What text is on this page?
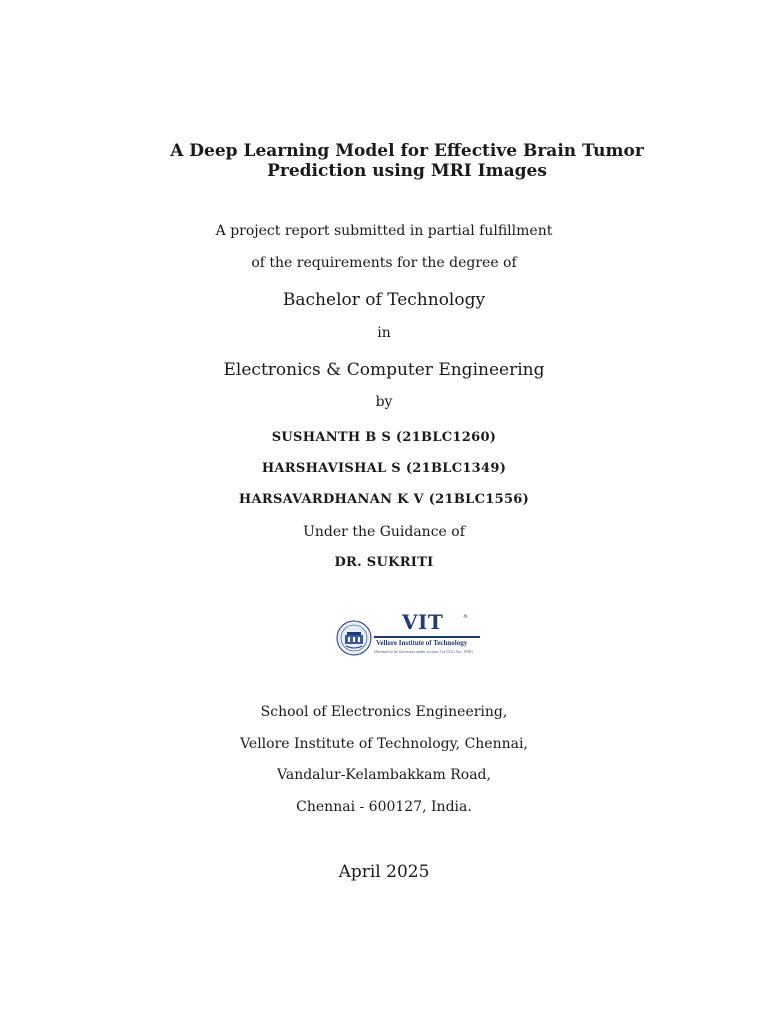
A Deep Learning Model for Effective Brain Tumor
Prediction using MRI Images
A project report submitted in partial fulfillment
of the requirements for the degree of
Bachelor of Technology
in
Electronics & Computer Engineering
by
SUSHANTH B S (21BLC1260)
HARSHAVISHAL S (21BLC1349)
HARSAVARDHANAN K V (21BLC1556)
Under the Guidance of
DR. SUKRITI
VIT	®
Vellore Institute of Technology
(Deemed to be University under section 3 of UGC Act, 1956)
School of Electronics Engineering,
Vellore Institute of Technology, Chennai,
Vandalur-Kelambakkam Road,
Chennai - 600127, India.
April 2025
